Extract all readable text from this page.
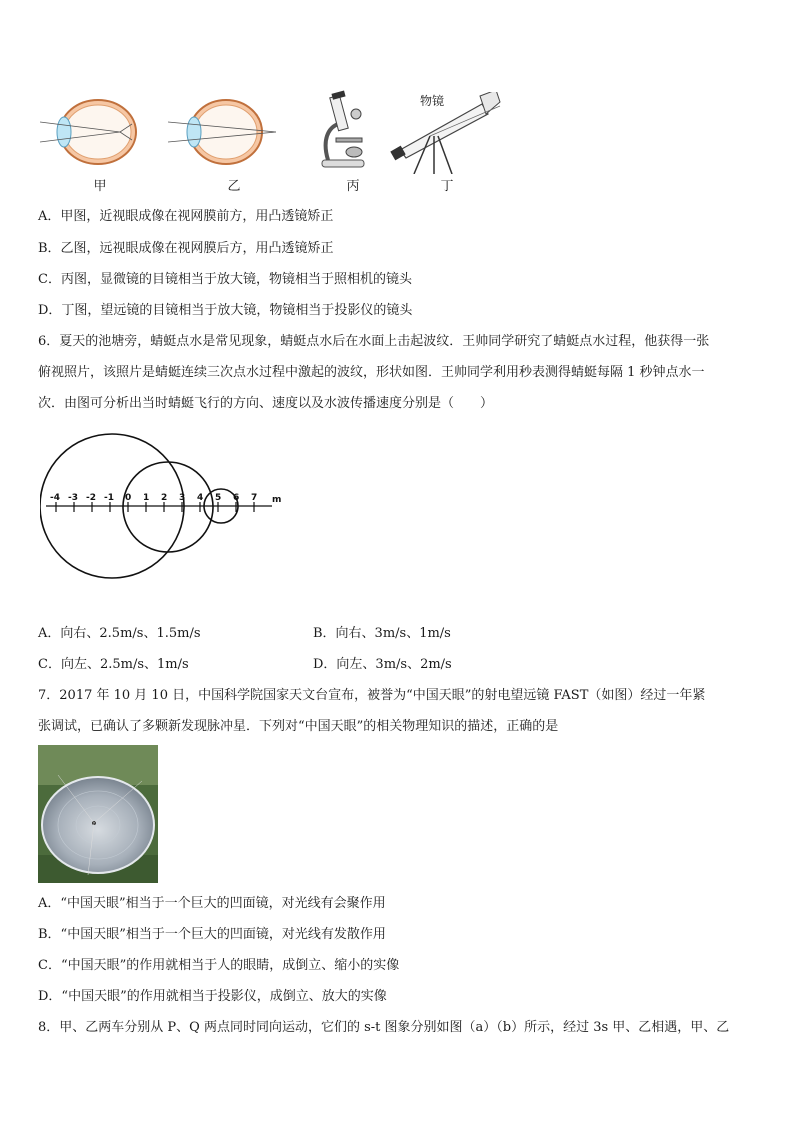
物镜
甲	乙	丙	丁
A．甲图，近视眼成像在视网膜前方，用凸透镜矫正
B．乙图，远视眼成像在视网膜后方，用凸透镜矫正
C．丙图，显微镜的目镜相当于放大镜，物镜相当于照相机的镜头
D．丁图，望远镜的目镜相当于放大镜，物镜相当于投影仪的镜头
6．夏天的池塘旁，蜻蜓点水是常见现象，蜻蜓点水后在水面上击起波纹．王帅同学研究了蜻蜓点水过程，他获得一张
俯视照片，该照片是蜻蜓连续三次点水过程中激起的波纹，形状如图．王帅同学利用秒表测得蜻蜓每隔 1 秒钟点水一
次．由图可分析出当时蜻蜓飞行的方向、速度以及水波传播速度分别是（　　）
-4 -3 -2 -1 0 1 2 3 4 5 6 7 m
A．向右、2.5m/s、1.5m/s	B．向右、3m/s、1m/s
C．向左、2.5m/s、1m/s	D．向左、3m/s、2m/s
7．2017 年 10 月 10 日，中国科学院国家天文台宣布，被誉为“中国天眼”的射电望远镜 FAST（如图）经过一年紧
张调试，已确认了多颗新发现脉冲星．下列对“中国天眼”的相关物理知识的描述，正确的是
A．“中国天眼”相当于一个巨大的凹面镜，对光线有会聚作用
B．“中国天眼”相当于一个巨大的凹面镜，对光线有发散作用
C．“中国天眼”的作用就相当于人的眼睛，成倒立、缩小的实像
D．“中国天眼”的作用就相当于投影仪，成倒立、放大的实像
8．甲、乙两车分别从 P、Q 两点同时同向运动，它们的 s-t 图象分别如图（a）（b）所示，经过 3s 甲、乙相遇，甲、乙
